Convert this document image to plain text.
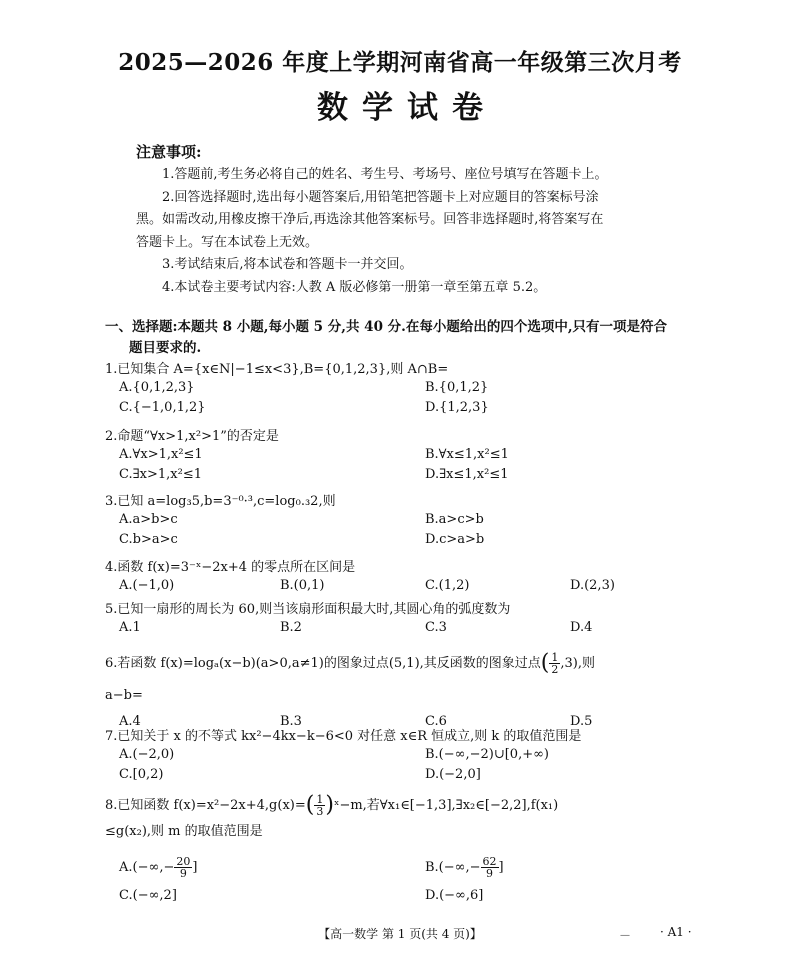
2025—2026 年度上学期河南省高一年级第三次月考
数学试卷
注意事项:

1.答题前,考生务必将自己的姓名、考生号、考场号、座位号填写在答题卡上。

2.回答选择题时,选出每小题答案后,用铅笔把答题卡上对应题目的答案标号涂

黑。如需改动,用橡皮擦干净后,再选涂其他答案标号。回答非选择题时,将答案写在

答题卡上。写在本试卷上无效。

3.考试结束后,将本试卷和答题卡一并交回。

4.本试卷主要考试内容:人教 A 版必修第一册第一章至第五章 5.2。

一、选择题:本题共 8 小题,每小题 5 分,共 40 分.在每小题给出的四个选项中,只有一项是符合
题目要求的.
1.已知集合 A={x∈N|−1≤x<3},B={0,1,2,3},则 A∩B=
A.{0,1,2,3}	B.{0,1,2}
C.{−1,0,1,2}	D.{1,2,3}
2.命题“∀x>1,x²>1”的否定是
A.∀x>1,x²≤1	B.∀x≤1,x²≤1
C.∃x>1,x²≤1	D.∃x≤1,x²≤1
3.已知 a=log₃5,b=3⁻⁰·³,c=log₀.₃2,则
A.a>b>c	B.a>c>b
C.b>a>c	D.c>a>b
4.函数 f(x)=3⁻ˣ−2x+4 的零点所在区间是
A.(−1,0)	B.(0,1)	C.(1,2)	D.(2,3)
5.已知一扇形的周长为 60,则当该扇形面积最大时,其圆心角的弧度数为
A.1	B.2	C.3	D.4
6.若函数 f(x)=logₐ(x−b)(a>0,a≠1)的图象过点(5,1),其反函数的图象过点( $\frac{1}{2} ,3$),则
a−b=
A.4	B.3	C.6	D.5
7.已知关于 x 的不等式 kx²−4kx−k−6<0 对任意 x∈R 恒成立,则 k 的取值范围是
A.(−2,0)	B.(−∞,−2)∪[0,+∞)
C.[0,2)	D.(−2,0]
8.已知函数 $f(x)=x^2-2x+4,g(x)=( \frac{1}{3}$ )ˣ−m,若∀x₁∈[−1,3],∃x₂∈[−2,2],f(x₁)
≤g(x₂),则 m 的取值范围是
$A.(-\infty,- \frac{20}{9}$ ]	$B.(-\infty,- \frac{62}{9}$ ]
C.(−∞,2]	D.(−∞,6]
【高一数学 第 1 页(共 4 页)】	—	· A1 ·
